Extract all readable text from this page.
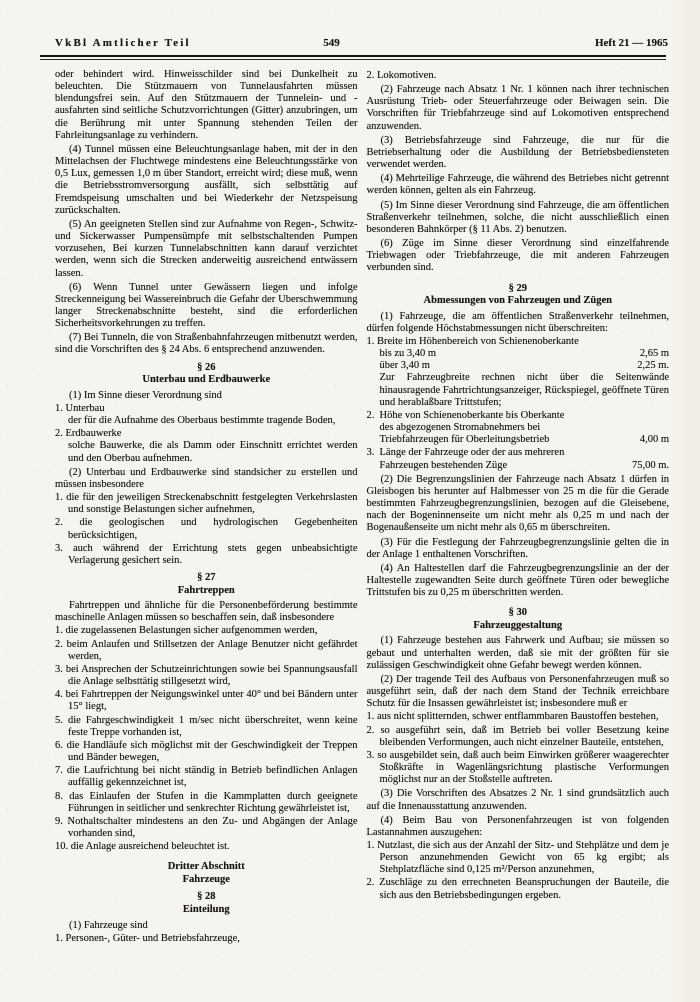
VkBl Amtlicher Teil	549	Heft 21 — 1965
oder behindert wird. Hinweisschilder sind bei Dunkelheit zu beleuchten. Die Stützmauern von Tunnelausfahrten müssen blendungsfrei sein. Auf den Stützmauern der Tunnelein- und -ausfahrten sind seitliche Schutzvorrichtungen (Gitter) anzubringen, um die Berührung mit unter Spannung stehenden Teilen der Fahrleitungsanlage zu verhindern.
(4) Tunnel müssen eine Beleuchtungsanlage haben, mit der in den Mittelachsen der Fluchtwege mindestens eine Beleuchtungsstärke von 0,5 Lux, gemessen 1,0 m über Standort, erreicht wird; diese muß, wenn die Betriebsstromversorgung ausfällt, sich selbsttätig auf Fremdspeisung umschalten und bei Wiederkehr der Netzspeisung zurückschalten.
(5) An geeigneten Stellen sind zur Aufnahme von Regen-, Schwitz- und Sickerwasser Pumpensümpfe mit selbstschaltenden Pumpen vorzusehen, Bei kurzen Tunnelabschnitten kann darauf verzichtet werden, wenn sich die Strecken anderweitig ausreichend entwässern lassen.
(6) Wenn Tunnel unter Gewässern liegen und infolge Streckenneigung bei Wassereinbruch die Gefahr der Uberschwemmung langer Streckenabschnitte besteht, sind die erforderlichen Sicherheitsvorkehrungen zu treffen.
(7) Bei Tunneln, die von Straßenbahnfahrzeugen mitbenutzt werden, sind die Vorschriften des § 24 Abs. 6 entsprechend anzuwenden.
§ 26
Unterbau und Erdbauwerke
(1) Im Sinne dieser Verordnung sind
1. Unterbau
der für die Aufnahme des Oberbaus bestimmte tragende Boden,
2. Erdbauwerke
solche Bauwerke, die als Damm oder Einschnitt errichtet werden und den Oberbau aufnehmen.
(2) Unterbau und Erdbauwerke sind standsicher zu erstellen und müssen insbesondere
1. die für den jeweiligen Streckenabschnitt festgelegten Verkehrslasten und sonstige Belastungen sicher aufnehmen,
2. die geologischen und hydrologischen Gegebenheiten berücksichtigen,
3. auch während der Errichtung stets gegen unbeabsichtigte Verlagerung gesichert sein.
§ 27
Fahrtreppen
Fahrtreppen und ähnliche für die Personenbeförderung bestimmte maschinelle Anlagen müssen so beschaffen sein, daß insbesondere
1. die zugelassenen Belastungen sicher aufgenommen werden,
2. beim Anlaufen und Stillsetzen der Anlage Benutzer nicht gefährdet werden,
3. bei Ansprechen der Schutzeinrichtungen sowie bei Spannungsausfall die Anlage selbsttätig stillgesetzt wird,
4. bei Fahrtreppen der Neigungswinkel unter 40° und bei Bändern unter 15° liegt,
5. die Fahrgeschwindigkeit 1 m/sec nicht überschreitet, wenn keine feste Treppe vorhanden ist,
6. die Handläufe sich möglichst mit der Geschwindigkeit der Treppen und Bänder bewegen,
7. die Laufrichtung bei nicht ständig in Betrieb befindlichen Anlagen auffällig gekennzeichnet ist,
8. das Einlaufen der Stufen in die Kammplatten durch geeignete Führungen in seitlicher und senkrechter Richtung gewährleistet ist,
9. Nothaltschalter mindestens an den Zu- und Abgängen der Anlage vorhanden sind,
10. die Anlage ausreichend beleuchtet ist.
Dritter Abschnitt
Fahrzeuge
§ 28
Einteilung
(1) Fahrzeuge sind
1. Personen-, Güter- und Betriebsfahrzeuge,
2. Lokomotiven.
(2) Fahrzeuge nach Absatz 1 Nr. 1 können nach ihrer technischen Ausrüstung Trieb- oder Steuerfahrzeuge oder Beiwagen sein. Die Vorschriften für Triebfahrzeuge sind auf Lokomotiven entsprechend anzuwenden.
(3) Betriebsfahrzeuge sind Fahrzeuge, die nur für die Betriebserhaltung oder die Ausbildung der Betriebsbediensteten verwendet werden.
(4) Mehrteilige Fahrzeuge, die während des Betriebes nicht getrennt werden können, gelten als ein Fahrzeug.
(5) Im Sinne dieser Verordnung sind Fahrzeuge, die am öffentlichen Straßenverkehr teilnehmen, solche, die nicht ausschließlich einen besonderen Bahnkörper (§ 11 Abs. 2) benutzen.
(6) Züge im Sinne dieser Verordnung sind einzelfahrende Triebwagen oder Triebfahrzeuge, die mit anderen Fahrzeugen verbunden sind.
§ 29
Abmessungen von Fahrzeugen und Zügen
(1) Fahrzeuge, die am öffentlichen Straßenverkehr teilnehmen, dürfen folgende Höchstabmessungen nicht überschreiten:
1. Breite im Höhenbereich von Schienenoberkante
bis zu 3,40 m	2,65 m
über 3,40 m	2,25 m.
Zur Fahrzeugbreite rechnen nicht über die Seitenwände hinausragende Fahrtrichtungsanzeiger, Rückspiegel, geöffnete Türen und herablaßbare Trittstufen;
2. Höhe von Schienenoberkante bis Oberkante des abgezogenen Stromabnehmers bei Triebfahrzeugen für Oberleitungsbetrieb	4,00 m
3. Länge der Fahrzeuge oder der aus mehreren Fahrzeugen bestehenden Züge	75,00 m.
(2) Die Begrenzungslinien der Fahrzeuge nach Absatz 1 dürfen in Gleisbogen bis herunter auf Halbmesser von 25 m die für die Gerade bestimmten Fahrzeugbegrenzungslinien, bezogen auf die Gleisebene, nach der Bogeninnenseite um nicht mehr als 0,25 m und nach der Bogenaußenseite um nicht mehr als 0,65 m überschreiten.
(3) Für die Festlegung der Fahrzeugbegrenzungslinie gelten die in der Anlage 1 enthaltenen Vorschriften.
(4) An Haltestellen darf die Fahrzeugbegrenzungslinie an der der Haltestelle zugewandten Seite durch geöffnete Türen oder bewegliche Trittstufen bis zu 0,25 m überschritten werden.
§ 30
Fahrzeuggestaltung
(1) Fahrzeuge bestehen aus Fahrwerk und Aufbau; sie müssen so gebaut und unterhalten werden, daß sie mit der größten für sie zulässigen Geschwindigkeit ohne Gefahr bewegt werden können.
(2) Der tragende Teil des Aufbaus von Personenfahrzeugen muß so ausgeführt sein, daß der nach dem Stand der Technik erreichbare Schutz für die Insassen gewährleistet ist; insbesondere muß er
1. aus nicht splitternden, schwer entflammbaren Baustoffen bestehen,
2. so ausgeführt sein, daß im Betrieb bei voller Besetzung keine bleibenden Verformungen, auch nicht einzelner Bauteile, entstehen,
3. so ausgebildet sein, daß auch beim Einwirken größerer waagerechter Stoßkräfte in Wagenlängsrichtung plastische Verformungen möglichst nur an der Stoßstelle auftreten.
(3) Die Vorschriften des Absatzes 2 Nr. 1 sind grundsätzlich auch auf die Innenausstattung anzuwenden.
(4) Beim Bau von Personenfahrzeugen ist von folgenden Lastannahmen auszugehen:
1. Nutzlast, die sich aus der Anzahl der Sitz- und Stehplätze und dem je Person anzunehmenden Gewicht von 65 kg ergibt; als Stehplatzfläche sind 0,125 m²/Person anzunehmen,
2. Zuschläge zu den errechneten Beanspruchungen der Bauteile, die sich aus den Betriebsbedingungen ergeben.
